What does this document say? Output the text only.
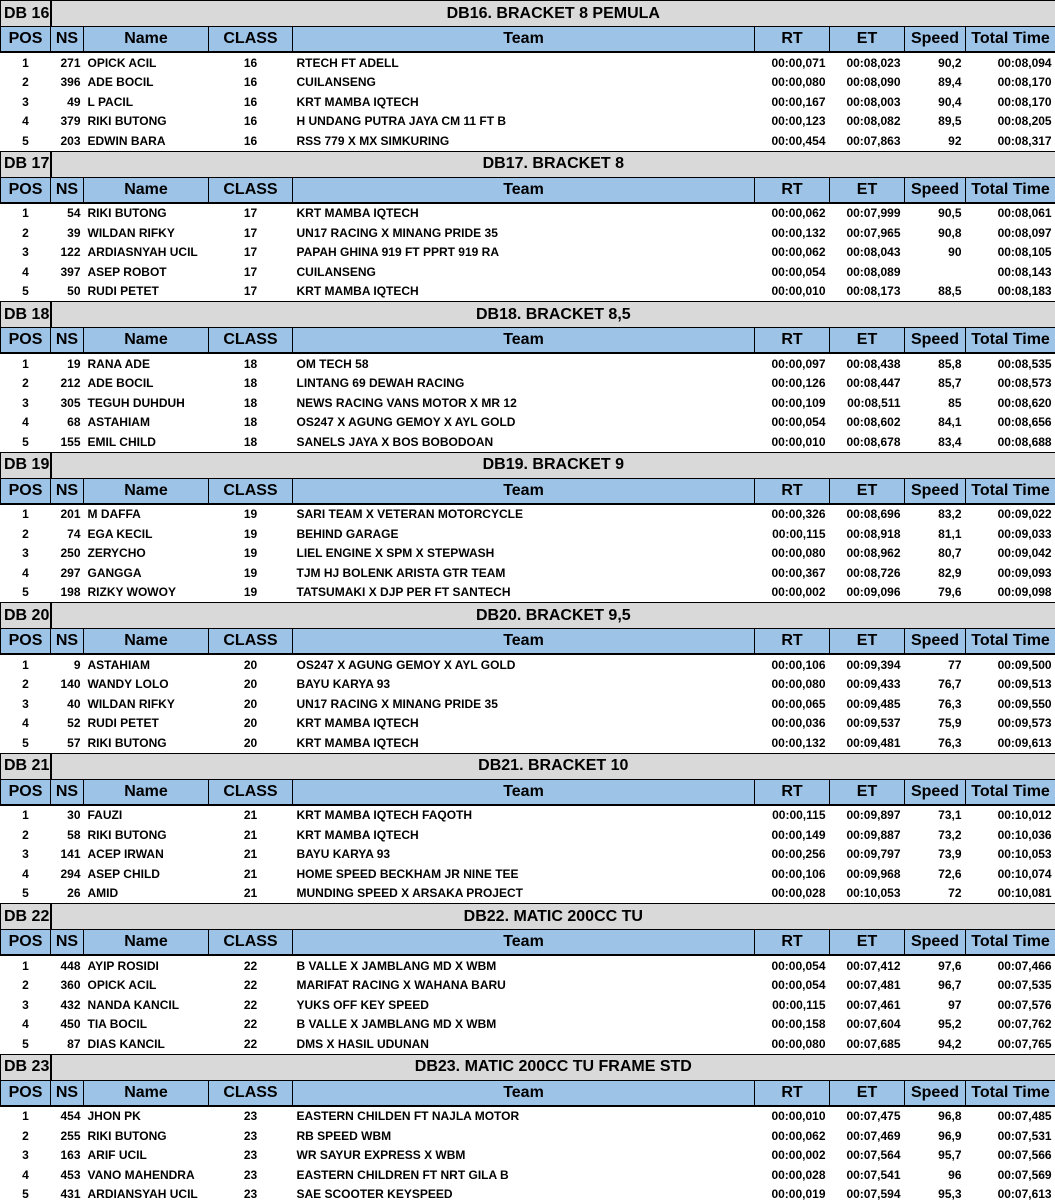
DB 16	DB16. BRACKET 8 PEMULA							
POS	NS	Name	CLASS	Team	RT	ET	Speed	Total Time
1	271	OPICK ACIL	16	RTECH FT ADELL	00:00,071	00:08,023	90,2	00:08,094
2	396	ADE BOCIL	16	CUILANSENG	00:00,080	00:08,090	89,4	00:08,170
3	49	L PACIL	16	KRT MAMBA IQTECH	00:00,167	00:08,003	90,4	00:08,170
4	379	RIKI BUTONG	16	H UNDANG PUTRA JAYA CM 11 FT B	00:00,123	00:08,082	89,5	00:08,205
5	203	EDWIN BARA	16	RSS 779 X MX SIMKURING	00:00,454	00:07,863	92	00:08,317
DB 17	DB17. BRACKET 8							
POS	NS	Name	CLASS	Team	RT	ET	Speed	Total Time
1	54	RIKI BUTONG	17	KRT MAMBA IQTECH	00:00,062	00:07,999	90,5	00:08,061
2	39	WILDAN RIFKY	17	UN17 RACING X MINANG PRIDE 35	00:00,132	00:07,965	90,8	00:08,097
3	122	ARDIASNYAH UCIL	17	PAPAH GHINA 919 FT PPRT 919 RA	00:00,062	00:08,043	90	00:08,105
4	397	ASEP ROBOT	17	CUILANSENG	00:00,054	00:08,089		00:08,143
5	50	RUDI PETET	17	KRT MAMBA IQTECH	00:00,010	00:08,173	88,5	00:08,183
DB 18	DB18. BRACKET 8,5							
POS	NS	Name	CLASS	Team	RT	ET	Speed	Total Time
1	19	RANA ADE	18	OM TECH 58	00:00,097	00:08,438	85,8	00:08,535
2	212	ADE BOCIL	18	LINTANG 69 DEWAH RACING	00:00,126	00:08,447	85,7	00:08,573
3	305	TEGUH DUHDUH	18	NEWS RACING VANS MOTOR X MR 12	00:00,109	00:08,511	85	00:08,620
4	68	ASTAHIAM	18	OS247 X AGUNG GEMOY X AYL GOLD	00:00,054	00:08,602	84,1	00:08,656
5	155	EMIL CHILD	18	SANELS JAYA X BOS BOBODOAN	00:00,010	00:08,678	83,4	00:08,688
DB 19	DB19. BRACKET 9							
POS	NS	Name	CLASS	Team	RT	ET	Speed	Total Time
1	201	M DAFFA	19	SARI TEAM X VETERAN MOTORCYCLE	00:00,326	00:08,696	83,2	00:09,022
2	74	EGA KECIL	19	BEHIND GARAGE	00:00,115	00:08,918	81,1	00:09,033
3	250	ZERYCHO	19	LIEL ENGINE X SPM X STEPWASH	00:00,080	00:08,962	80,7	00:09,042
4	297	GANGGA	19	TJM HJ BOLENK ARISTA GTR TEAM	00:00,367	00:08,726	82,9	00:09,093
5	198	RIZKY WOWOY	19	TATSUMAKI X DJP PER FT SANTECH	00:00,002	00:09,096	79,6	00:09,098
DB 20	DB20. BRACKET 9,5							
POS	NS	Name	CLASS	Team	RT	ET	Speed	Total Time
1	9	ASTAHIAM	20	OS247 X AGUNG GEMOY X AYL GOLD	00:00,106	00:09,394	77	00:09,500
2	140	WANDY LOLO	20	BAYU KARYA 93	00:00,080	00:09,433	76,7	00:09,513
3	40	WILDAN RIFKY	20	UN17 RACING X MINANG PRIDE 35	00:00,065	00:09,485	76,3	00:09,550
4	52	RUDI PETET	20	KRT MAMBA IQTECH	00:00,036	00:09,537	75,9	00:09,573
5	57	RIKI BUTONG	20	KRT MAMBA IQTECH	00:00,132	00:09,481	76,3	00:09,613
DB 21	DB21. BRACKET 10							
POS	NS	Name	CLASS	Team	RT	ET	Speed	Total Time
1	30	FAUZI	21	KRT MAMBA IQTECH FAQOTH	00:00,115	00:09,897	73,1	00:10,012
2	58	RIKI BUTONG	21	KRT MAMBA IQTECH	00:00,149	00:09,887	73,2	00:10,036
3	141	ACEP IRWAN	21	BAYU KARYA 93	00:00,256	00:09,797	73,9	00:10,053
4	294	ASEP CHILD	21	HOME SPEED BECKHAM JR NINE TEE	00:00,106	00:09,968	72,6	00:10,074
5	26	AMID	21	MUNDING SPEED X ARSAKA PROJECT	00:00,028	00:10,053	72	00:10,081
DB 22	DB22. MATIC 200CC TU							
POS	NS	Name	CLASS	Team	RT	ET	Speed	Total Time
1	448	AYIP ROSIDI	22	B VALLE X JAMBLANG MD X WBM	00:00,054	00:07,412	97,6	00:07,466
2	360	OPICK ACIL	22	MARIFAT RACING X WAHANA BARU	00:00,054	00:07,481	96,7	00:07,535
3	432	NANDA KANCIL	22	YUKS OFF KEY SPEED	00:00,115	00:07,461	97	00:07,576
4	450	TIA BOCIL	22	B VALLE X JAMBLANG MD X WBM	00:00,158	00:07,604	95,2	00:07,762
5	87	DIAS KANCIL	22	DMS X HASIL UDUNAN	00:00,080	00:07,685	94,2	00:07,765
DB 23	DB23. MATIC 200CC TU FRAME STD							
POS	NS	Name	CLASS	Team	RT	ET	Speed	Total Time
1	454	JHON PK	23	EASTERN CHILDEN FT NAJLA MOTOR	00:00,010	00:07,475	96,8	00:07,485
2	255	RIKI BUTONG	23	RB SPEED WBM	00:00,062	00:07,469	96,9	00:07,531
3	163	ARIF UCIL	23	WR SAYUR EXPRESS X WBM	00:00,002	00:07,564	95,7	00:07,566
4	453	VANO MAHENDRA	23	EASTERN CHILDREN FT NRT GILA B	00:00,028	00:07,541	96	00:07,569
5	431	ARDIANSYAH UCIL	23	SAE SCOOTER KEYSPEED	00:00,019	00:07,594	95,3	00:07,613
